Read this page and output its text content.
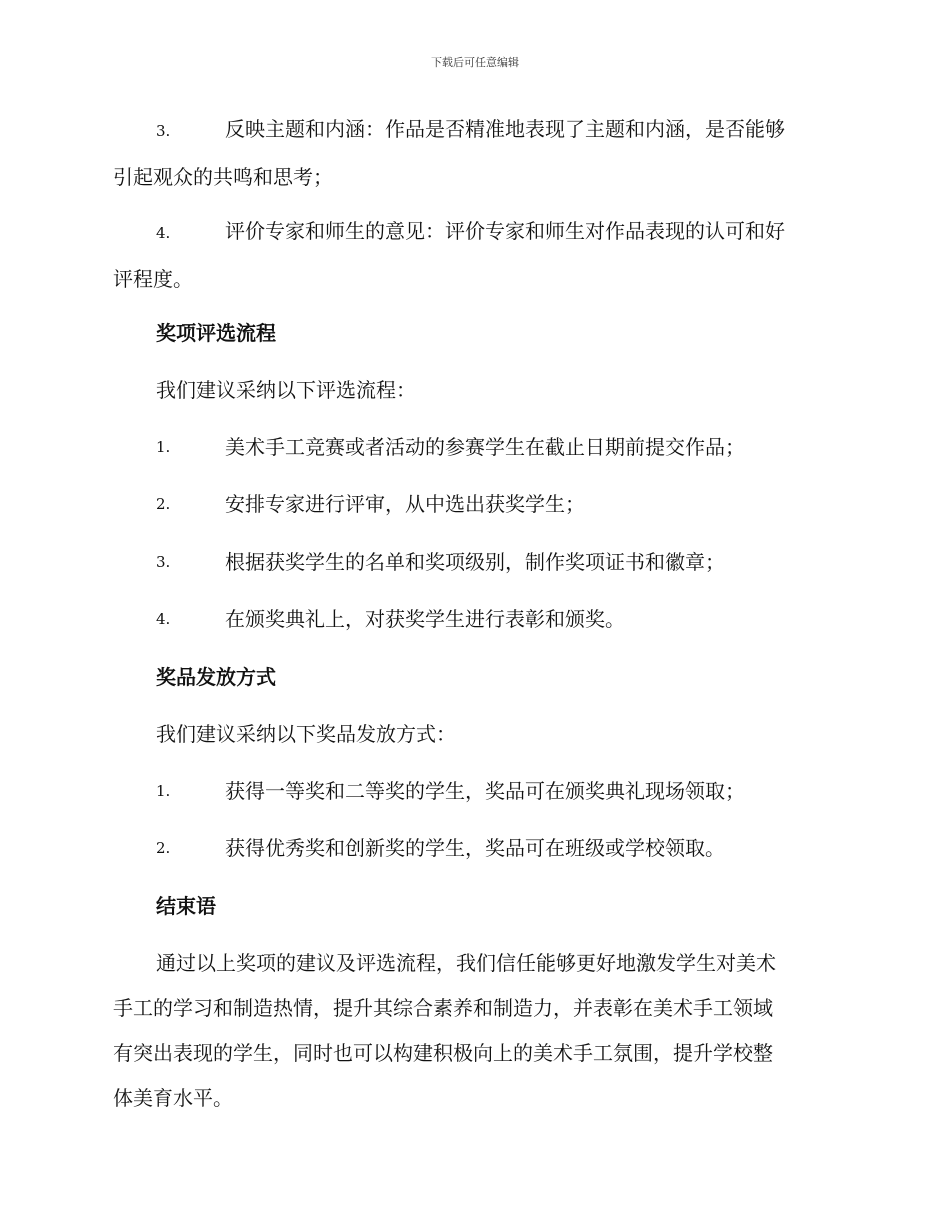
下载后可任意编辑
3.	反映主题和内涵：作品是否精准地表现了主题和内涵，是否能够
引起观众的共鸣和思考；
4.	评价专家和师生的意见：评价专家和师生对作品表现的认可和好
评程度。
奖项评选流程
我们建议采纳以下评选流程：
1.	美术手工竞赛或者活动的参赛学生在截止日期前提交作品；
2.	安排专家进行评审，从中选出获奖学生；
3.	根据获奖学生的名单和奖项级别，制作奖项证书和徽章；
4.	在颁奖典礼上，对获奖学生进行表彰和颁奖。
奖品发放方式
我们建议采纳以下奖品发放方式：
1.	获得一等奖和二等奖的学生，奖品可在颁奖典礼现场领取；
2.	获得优秀奖和创新奖的学生，奖品可在班级或学校领取。
结束语
通过以上奖项的建议及评选流程，我们信任能够更好地激发学生对美术
手工的学习和制造热情，提升其综合素养和制造力，并表彰在美术手工领域
有突出表现的学生，同时也可以构建积极向上的美术手工氛围，提升学校整
体美育水平。
